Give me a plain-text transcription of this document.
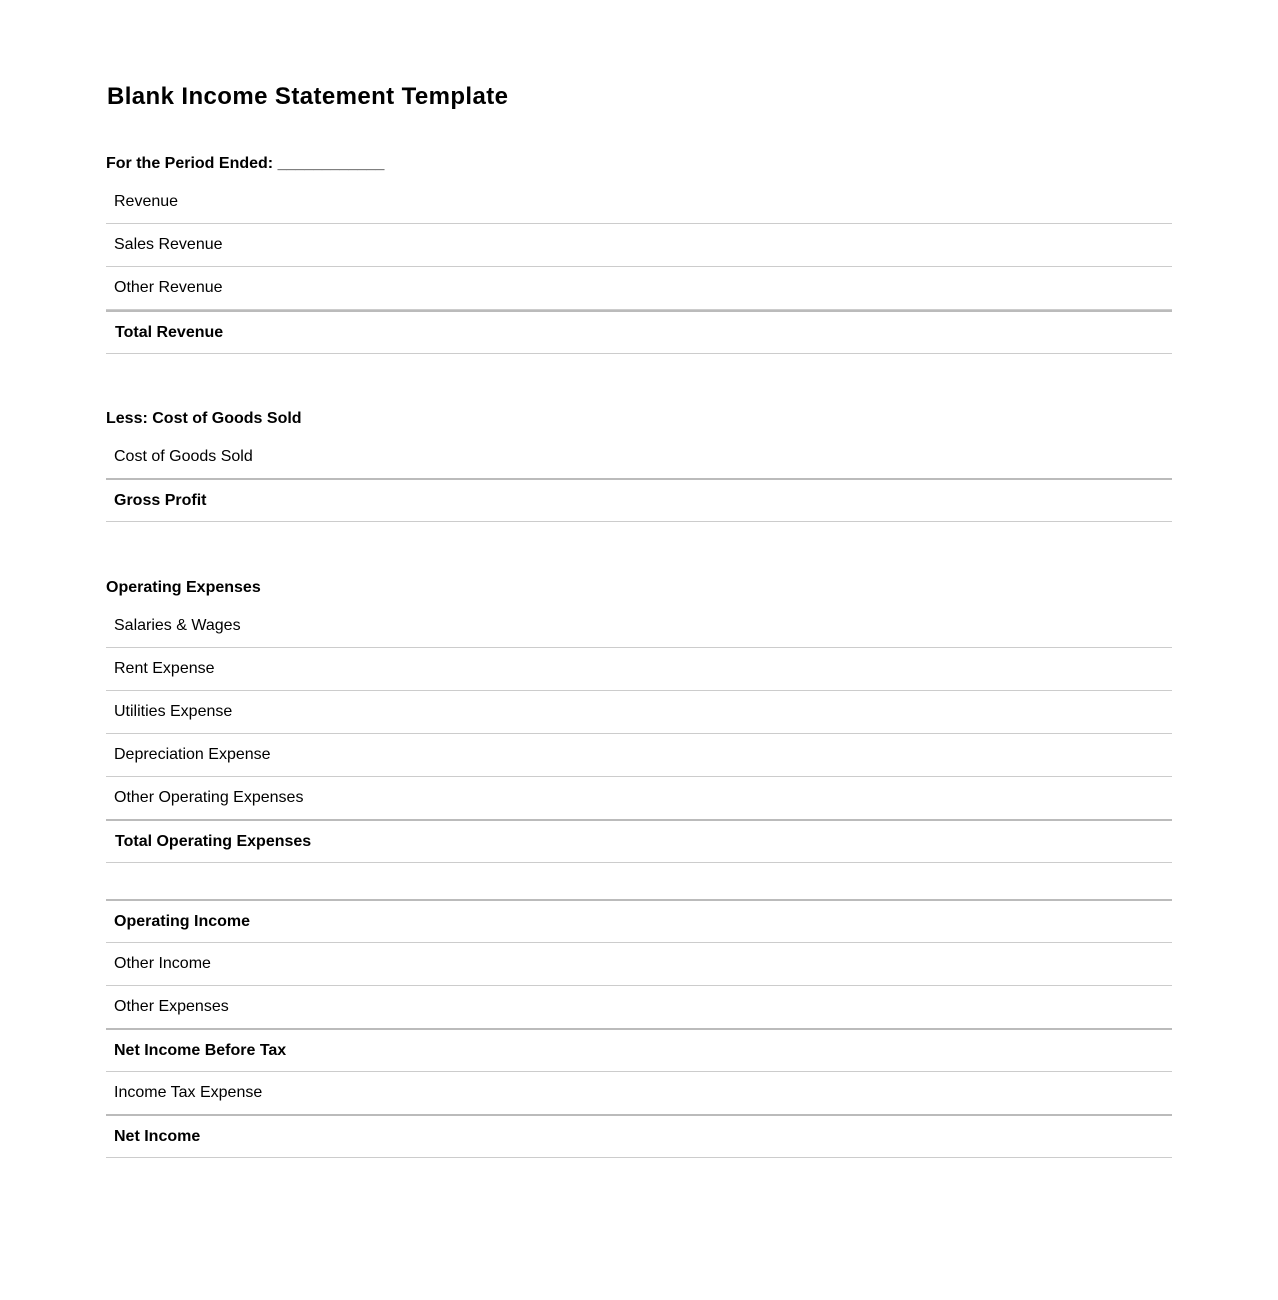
Blank Income Statement Template
For the Period Ended: ____________
Revenue
Sales Revenue
Other Revenue
Total Revenue
Less: Cost of Goods Sold
Cost of Goods Sold
Gross Profit
Operating Expenses
Salaries & Wages
Rent Expense
Utilities Expense
Depreciation Expense
Other Operating Expenses
Total Operating Expenses
Operating Income
Other Income
Other Expenses
Net Income Before Tax
Income Tax Expense
Net Income
